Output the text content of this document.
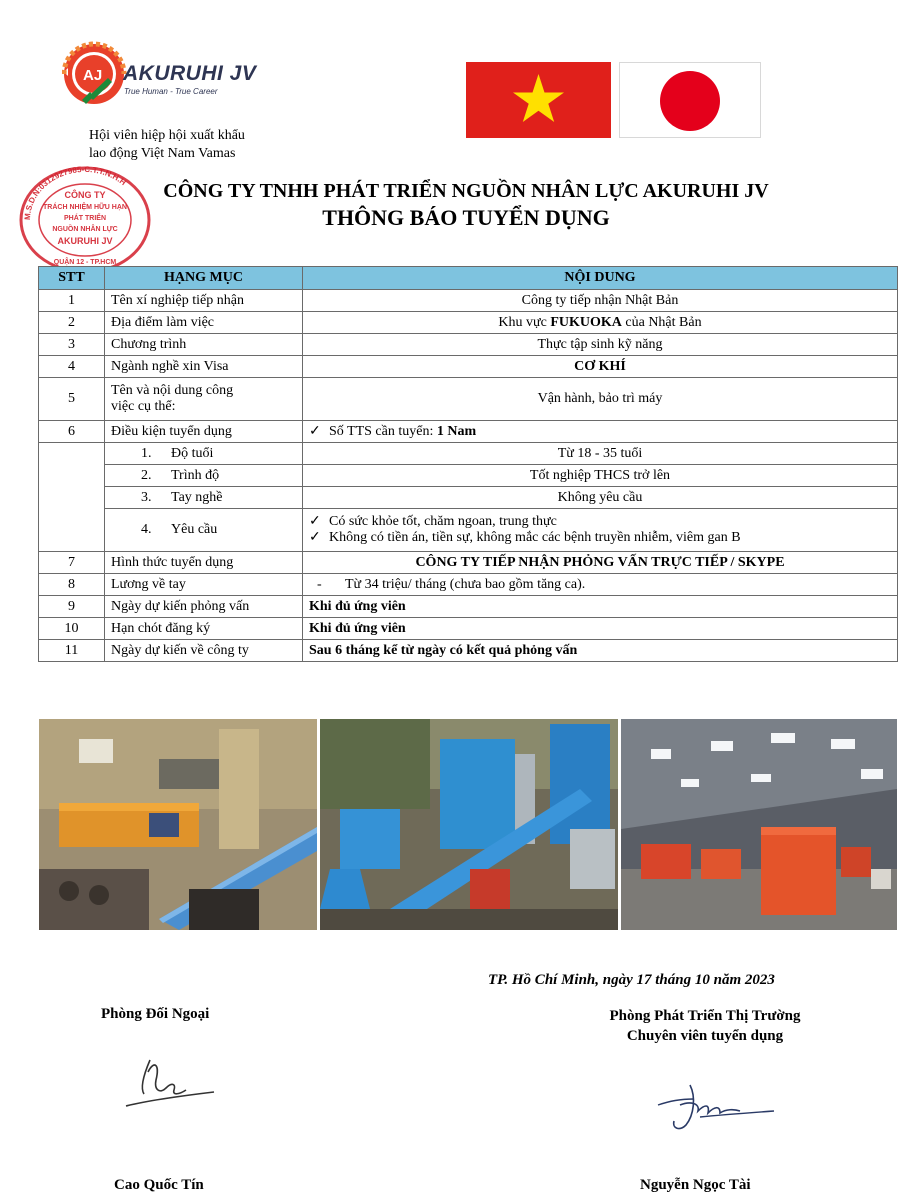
AJ AKURUHI JV
True Human - True Career
Hội viên hiệp hội xuất khẩu
lao động Việt Nam Vamas
M.S.D.N:0312927985-C.T.T.N.H.H
CÔNG TY
TRÁCH NHIỆM HỮU HẠN
PHÁT TRIỂN
NGUỒN NHÂN LỰC
AKURUHI JV
QUẬN 12 - TP.HCM
CÔNG TY TNHH PHÁT TRIỂN NGUỒN NHÂN LỰC AKURUHI JV
THÔNG BÁO TUYỂN DỤNG
STT	HẠNG MỤC	NỘI DUNG
1	Tên xí nghiệp tiếp nhận	Công ty tiếp nhận Nhật Bản
2	Địa điểm làm việc	Khu vực FUKUOKA của Nhật Bản
3	Chương trình	Thực tập sinh kỹ năng
4	Ngành nghề xin Visa	CƠ KHÍ
5	Tên và nội dung công
việc cụ thể:	Vận hành, bảo trì máy
6	Điều kiện tuyển dụng	✓ Số TTS cần tuyển: 1 Nam
	1. Độ tuổi	Từ 18 - 35 tuổi
	2. Trình độ	Tốt nghiệp THCS trở lên
	3. Tay nghề	Không yêu cầu
	4. Yêu cầu	✓ Có sức khỏe tốt, chăm ngoan, trung thực
✓ Không có tiền án, tiền sự, không mắc các bệnh truyền nhiễm, viêm gan B

7	Hình thức tuyển dụng	CÔNG TY TIẾP NHẬN PHỎNG VẤN TRỰC TIẾP / SKYPE
8	Lương về tay	- Từ 34 triệu/ tháng (chưa bao gồm tăng ca).
9	Ngày dự kiến phỏng vấn	Khi đủ ứng viên
10	Hạn chót đăng ký	Khi đủ ứng viên
11	Ngày dự kiến về công ty	Sau 6 tháng kể từ ngày có kết quả phỏng vấn
TP. Hồ Chí Minh, ngày 17 tháng 10 năm 2023
Phòng Đối Ngoại	Phòng Phát Triển Thị Trường
Chuyên viên tuyển dụng
Cao Quốc Tín	Nguyễn Ngọc Tài
